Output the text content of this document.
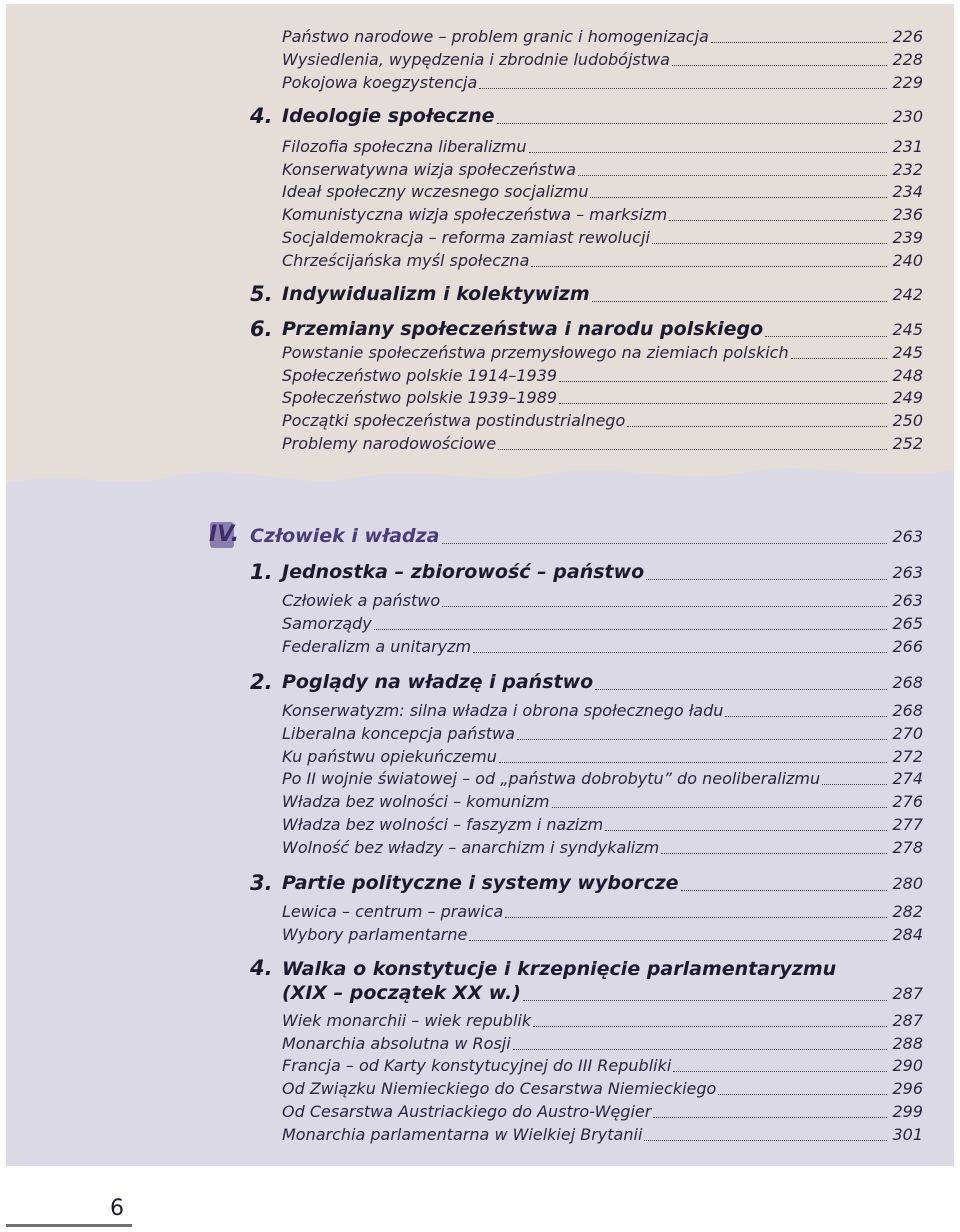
Państwo narodowe – problem granic i homogenizacja	226
Wysiedlenia, wypędzenia i zbrodnie ludobójstwa	228
Pokojowa koegzystencja	229
4. Ideologie społeczne	230
Filozofia społeczna liberalizmu	231
Konserwatywna wizja społeczeństwa	232
Ideał społeczny wczesnego socjalizmu	234
Komunistyczna wizja społeczeństwa – marksizm	236
Socjaldemokracja – reforma zamiast rewolucji	239
Chrześcijańska myśl społeczna	240
5. Indywidualizm i kolektywizm	242
6. Przemiany społeczeństwa i narodu polskiego	245
Powstanie społeczeństwa przemysłowego na ziemiach polskich	245
Społeczeństwo polskie 1914–1939	248
Społeczeństwo polskie 1939–1989	249
Początki społeczeństwa postindustrialnego	250
Problemy narodowościowe	252
IV. Człowiek i władza	263
1. Jednostka – zbiorowość – państwo	263
Człowiek a państwo	263
Samorządy	265
Federalizm a unitaryzm	266
2. Poglądy na władzę i państwo	268
Konserwatyzm: silna władza i obrona społecznego ładu	268
Liberalna koncepcja państwa	270
Ku państwu opiekuńczemu	272
Po II wojnie światowej – od „państwa dobrobytu” do neoliberalizmu	274
Władza bez wolności – komunizm	276
Władza bez wolności – faszyzm i nazizm	277
Wolność bez władzy – anarchizm i syndykalizm	278
3. Partie polityczne i systemy wyborcze	280
Lewica – centrum – prawica	282
Wybory parlamentarne	284
4. Walka o konstytucje i krzepnięcie parlamentaryzmu
(XIX – początek XX w.)	287
Wiek monarchii – wiek republik	287
Monarchia absolutna w Rosji	288
Francja – od Karty konstytucyjnej do III Republiki	290
Od Związku Niemieckiego do Cesarstwa Niemieckiego	296
Od Cesarstwa Austriackiego do Austro-Węgier	299
Monarchia parlamentarna w Wielkiej Brytanii	301
6
